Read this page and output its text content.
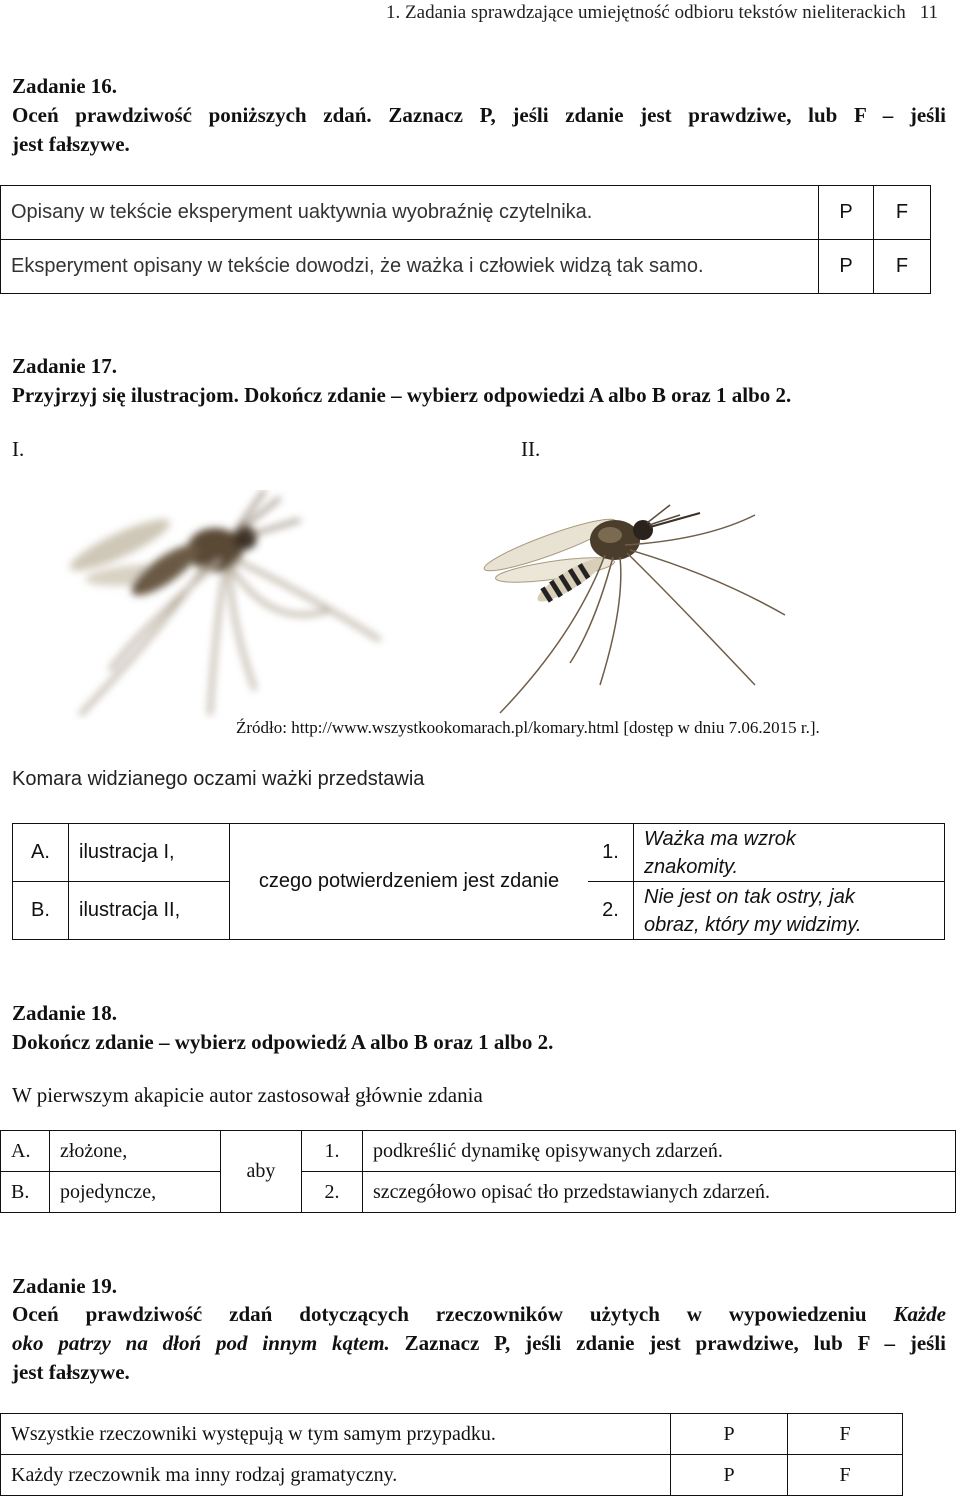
1. Zadania sprawdzające umiejętność odbioru tekstów nieliterackich 11
Zadanie 16.
Oceń prawdziwość poniższych zdań. Zaznacz P, jeśli zdanie jest prawdziwe, lub F – jeśli
jest fałszywe.
Opisany w tekście eksperyment uaktywnia wyobraźnię czytelnika.	P	F
Eksperyment opisany w tekście dowodzi, że ważka i człowiek widzą tak samo.	P	F
Zadanie 17.
Przyjrzyj się ilustracjom. Dokończ zdanie – wybierz odpowiedzi A albo B oraz 1 albo 2.
I.	II.
Źródło: http://www.wszystkookomarach.pl/komary.html [dostęp w dniu 7.06.2015 r.].
Komara widzianego oczami ważki przedstawia
A.	ilustracja I,	czego potwierdzeniem jest zdanie	1.	Ważka ma wzrok
znakomity.

B.	ilustracja II,		2.	Nie jest on tak ostry, jak
obraz, który my widzimy.
Zadanie 18.
Dokończ zdanie – wybierz odpowiedź A albo B oraz 1 albo 2.
W pierwszym akapicie autor zastosował głównie zdania
A.	złożone,	aby	1.	podkreślić dynamikę opisywanych zdarzeń.
B.	pojedyncze,		2.	szczegółowo opisać tło przedstawianych zdarzeń.
Zadanie 19.
Oceń prawdziwość zdań dotyczących rzeczowników użytych w wypowiedzeniu Każde
oko patrzy na dłoń pod innym kątem. Zaznacz P, jeśli zdanie jest prawdziwe, lub F – jeśli
jest fałszywe.
Wszystkie rzeczowniki występują w tym samym przypadku.	P	F
Każdy rzeczownik ma inny rodzaj gramatyczny.	P	F
